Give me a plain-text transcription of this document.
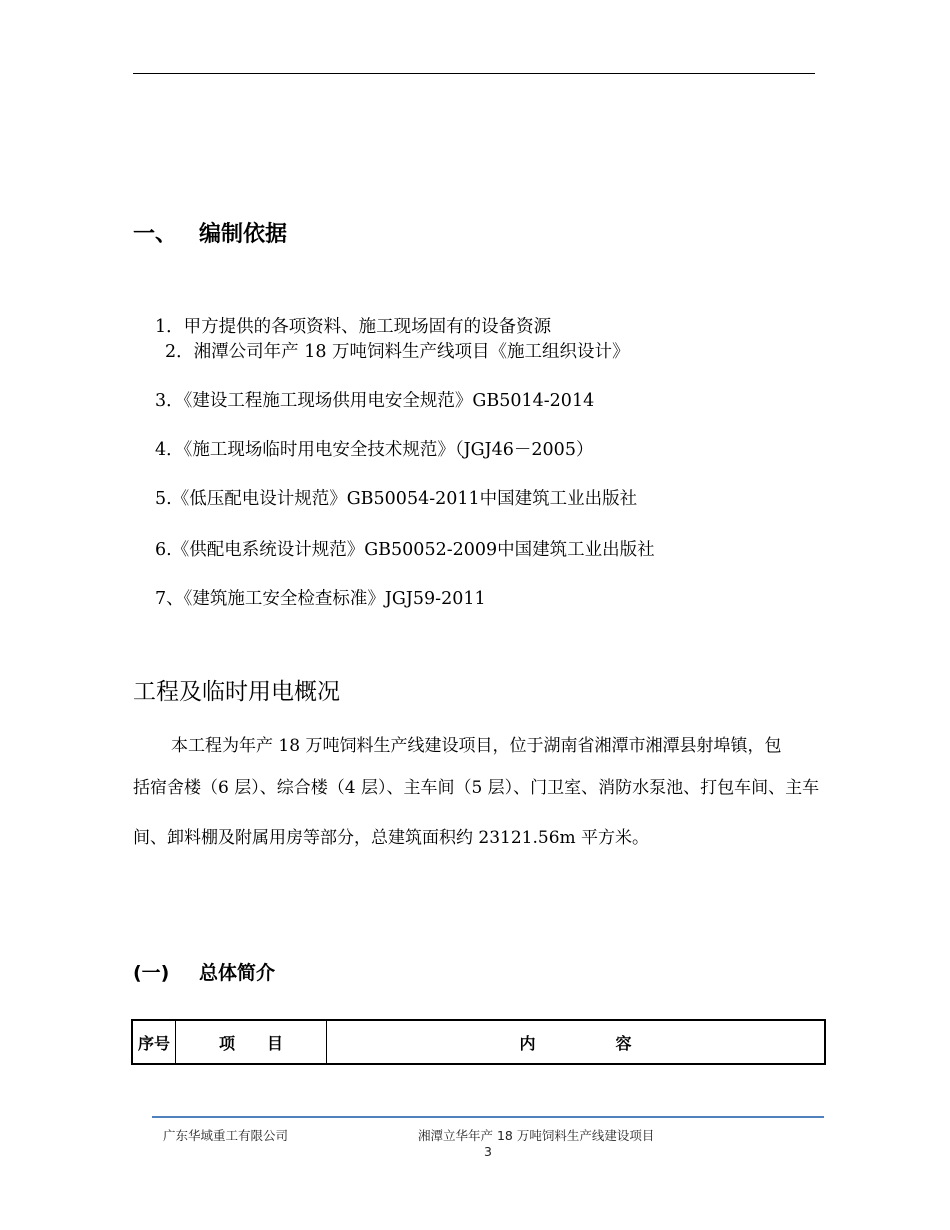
一、 编制依据
1．甲方提供的各项资料、施工现场固有的设备资源
2．湘潭公司年产 18 万吨饲料生产线项目《施工组织设计》
3．《建设工程施工现场供用电安全规范》GB5014-2014
4．《施工现场临时用电安全技术规范》（JGJ46－2005）
5.《低压配电设计规范》GB50054-2011中国建筑工业出版社
6.《供配电系统设计规范》GB50052-2009中国建筑工业出版社
7、《建筑施工安全检查标准》JGJ59-2011
工程及临时用电概况
本工程为年产 18 万吨饲料生产线建设项目，位于湖南省湘潭市湘潭县射埠镇，包
括宿舍楼（6 层）、综合楼（4 层）、主车间（5 层）、门卫室、消防水泵池、打包车间、主车
间、卸料棚及附属用房等部分，总建筑面积约 23121.56m 平方米。
(一) 总体简介
序号	项　　目	内　　　　　容
广东华域重工有限公司	湘潭立华年产 18 万吨饲料生产线建设项目
3
